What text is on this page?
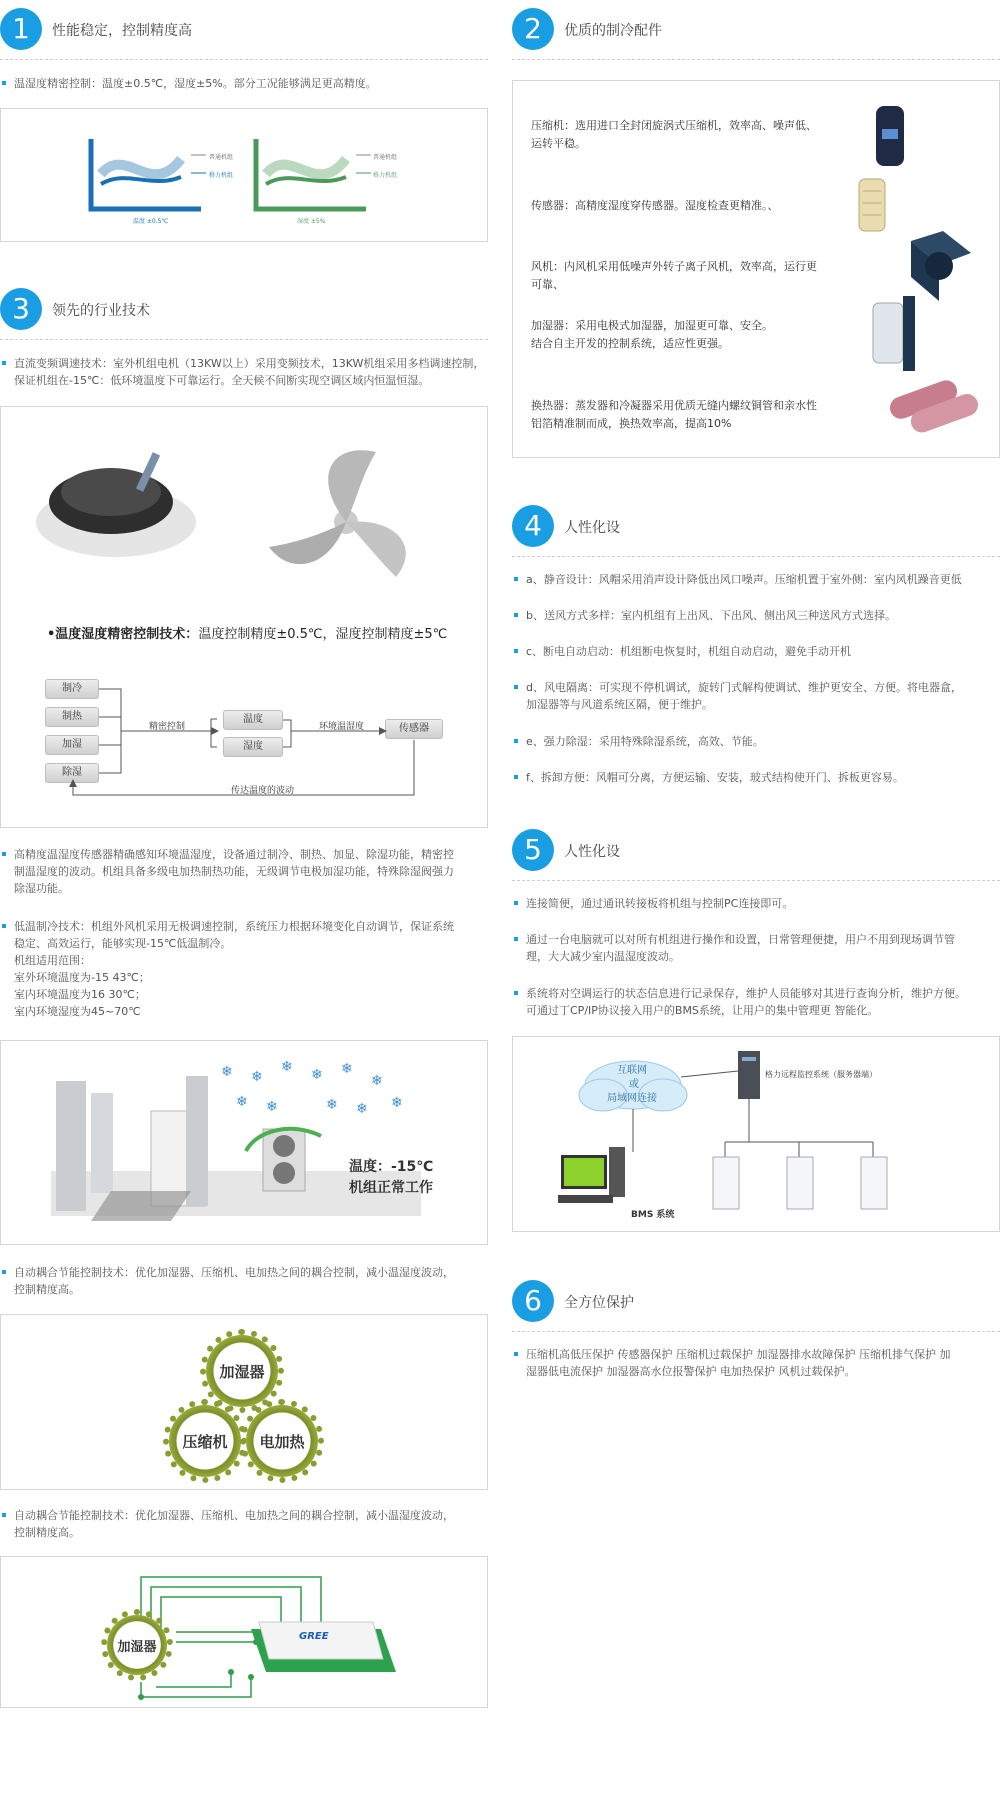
1	性能稳定，控制精度高
温湿度精密控制：温度±0.5℃，湿度±5%。部分工况能够满足更高精度。
普通机组
格力机组
温度 ±0.5℃
普通机组
格力机组
湿度 ±5%
3	领先的行业技术
直流变频调速技术：室外机组电机（13KW以上）采用变频技术，13KW机组采用多档调速控制，
保证机组在-15℃：低环境温度下可靠运行。全天候不间断实现空调区域内恒温恒湿。
•温度湿度精密控制技术：温度控制精度±0.5℃，湿度控制精度±5℃
制冷
制热
加湿
除湿
精密控制
温度
湿度
环境温湿度	传感器
传达温度的波动
高精度温湿度传感器精确感知环境温湿度，设备通过制冷、制热、加显、除湿功能，精密控
制温湿度的波动。机组具备多级电加热制热功能，无级调节电极加湿功能，特殊除湿阀强力
除湿功能。
低温制冷技术：机组外风机采用无极调速控制，系统压力根据环境变化自动调节，保证系统
稳定、高效运行，能够实现-15℃低温制冷。
机组适用范围：
室外环境温度为-15 43℃；
室内环境温度为16 30℃；
室内环境湿度为45~70℃
❄ ❄
❄ ❄ ❄
❄
❄ ❄	❄ ❄ ❄
温度：-15℃
机组正常工作
自动耦合节能控制技术：优化加湿器、压缩机、电加热之间的耦合控制，减小温湿度波动，
控制精度高。
加湿器
压缩机 电加热
自动耦合节能控制技术：优化加湿器、压缩机、电加热之间的耦合控制，减小温湿度波动，
控制精度高。
加湿器
GREE
2	优质的制冷配件
压缩机：选用进口全封闭旋涡式压缩机，效率高、噪声低、
运转平稳。
传感器：高精度湿度穿传感器。湿度检查更精准。、
风机：内风机采用低噪声外转子离子风机，效率高，运行更
可靠、
加湿器：采用电极式加湿器，加湿更可靠、安全。
结合自主开发的控制系统，适应性更强。
换热器：蒸发器和冷凝器采用优质无缝内螺纹铜管和亲水性
铝箔精准制而成，换热效率高，提高10%
4	人性化设
a、静音设计：风帽采用消声设计降低出风口噪声。压缩机置于室外侧：室内风机躁音更低
b、送风方式多样：室内机组有上出风、下出风、侧出风三种送风方式选择。
c、断电自动启动：机组断电恢复时，机组自动启动，避免手动开机
d、风电隔离：可实现不停机调试，旋转门式解构使调试、维护更安全、方便。将电器盒，
加湿器等与风道系统区隔，便于维护。
e、强力除湿：采用特殊除湿系统，高效、节能。
f、拆卸方便：风帽可分离，方便运输、安装，玻式结构使开门、拆板更容易。
5	人性化设
连接简便，通过通讯转接板将机组与控制PC连接即可。
通过一台电脑就可以对所有机组进行操作和设置，日常管理便捷，用户不用到现场调节管
理，大大减少室内温湿度波动。
系统将对空调运行的状态信息进行记录保存，维护人员能够对其进行查询分析，维护方便。
可通过丁CP/IP协议接入用户的BMS系统，让用户的集中管理更 智能化。
互联网
或
局域网连接
格力远程监控系统（服务器端）
BMS 系统
6	全方位保护
压缩机高低压保护 传感器保护 压缩机过载保护 加湿器排水故障保护 压缩机排气保护 加
湿器低电流保护 加湿器高水位报警保护 电加热保护 风机过载保护。
